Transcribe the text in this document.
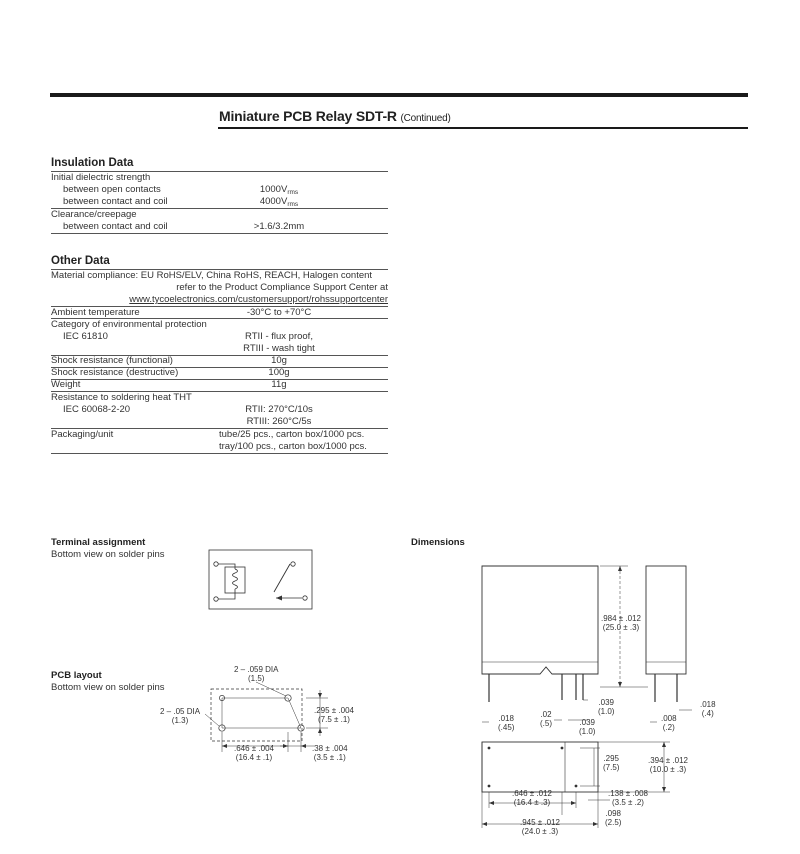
Miniature PCB Relay SDT-R (Continued)
Insulation Data
Initial dielectric strength
between open contacts	$1000V_{rms}$
between contact and coil	$4000V_{rms}$
Clearance/creepage
between contact and coil	>1.6/3.2mm
Other Data
Material compliance: EU RoHS/ELV, China RoHS, REACH, Halogen content
refer to the Product Compliance Support Center at
www.tycoelectronics.com/customersupport/rohssupportcenter
Ambient temperature	-30°C to +70°C
Category of environmental protection
IEC 61810	RTII - flux proof,
RTIII - wash tight
Shock resistance (functional)	10g
Shock resistance (destructive)	100g
Weight	11g
Resistance to soldering heat THT
IEC 60068-2-20	RTII: 270°C/10s
RTIII: 260°C/5s
Packaging/unit	tube/25 pcs., carton box/1000 pcs.
tray/100 pcs., carton box/1000 pcs.
Terminal assignment
Bottom view on solder pins
PCB layout
Bottom view on solder pins
2 – .059 DIA
(1.5)
2 – .05 DIA
(1.3)
.295 ± .004
(7.5 ± .1)
.646 ± .004
(16.4 ± .1)
.38 ± .004
(3.5 ± .1)
Dimensions
.984 ± .012
(25.0 ± .3)
.018
(.45)
.02
(.5)
.039
(1.0)
.039
(1.0)
.008
(.2)
.018
(.4)
.295
(7.5)
.394 ± .012
(10.0 ± .3)
.646 ± .012
(16.4 ± .3)
.138 ± .008
(3.5 ± .2)
.098
(2.5)
.945 ± .012
(24.0 ± .3)
